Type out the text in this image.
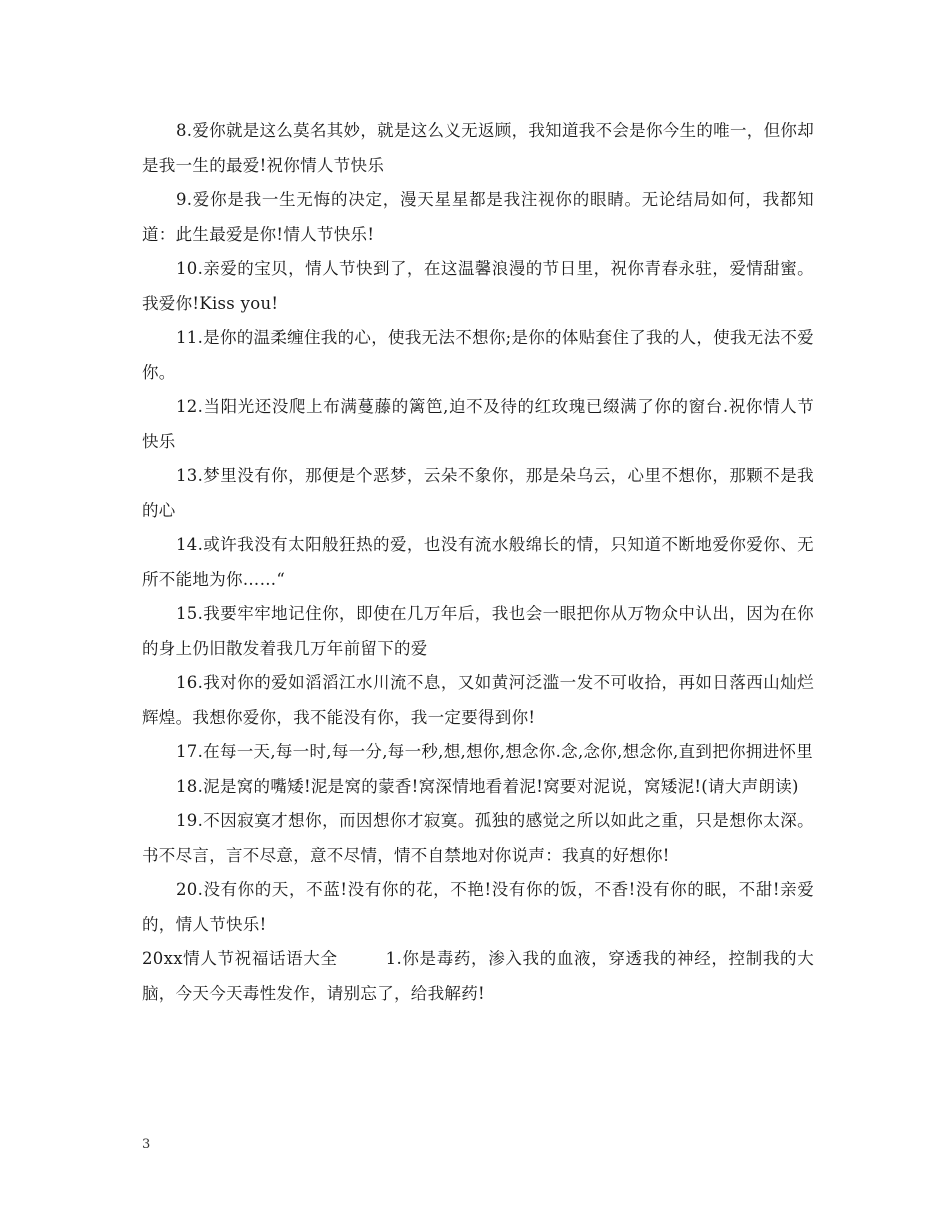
8.爱你就是这么莫名其妙，就是这么义无返顾，我知道我不会是你今生的唯一，但你却是我一生的最爱!祝你情人节快乐

9.爱你是我一生无悔的决定，漫天星星都是我注视你的眼睛。无论结局如何，我都知道：此生最爱是你!情人节快乐!

10.亲爱的宝贝，情人节快到了，在这温馨浪漫的节日里，祝你青春永驻，爱情甜蜜。我爱你!Kiss you!

11.是你的温柔缠住我的心，使我无法不想你;是你的体贴套住了我的人，使我无法不爱你。

12.当阳光还没爬上布满蔓藤的篱笆,迫不及待的红玫瑰已缀满了你的窗台.祝你情人节快乐

13.梦里没有你，那便是个恶梦，云朵不象你，那是朵乌云，心里不想你，那颗不是我的心

14.或许我没有太阳般狂热的爱，也没有流水般绵长的情，只知道不断地爱你爱你、无所不能地为你……“

15.我要牢牢地记住你，即使在几万年后，我也会一眼把你从万物众中认出，因为在你的身上仍旧散发着我几万年前留下的爱

16.我对你的爱如滔滔江水川流不息，又如黄河泛滥一发不可收拾，再如日落西山灿烂辉煌。我想你爱你，我不能没有你，我一定要得到你!

17.在每一天,每一时,每一分,每一秒,想,想你,想念你.念,念你,想念你,直到把你拥进怀里

18.泥是窝的嘴矮!泥是窝的蒙香!窝深情地看着泥!窝要对泥说，窝矮泥!(请大声朗读)

19.不因寂寞才想你，而因想你才寂寞。孤独的感觉之所以如此之重，只是想你太深。书不尽言，言不尽意，意不尽情，情不自禁地对你说声：我真的好想你!

20.没有你的天，不蓝!没有你的花，不艳!没有你的饭，不香!没有你的眠，不甜!亲爱的，情人节快乐!

20xx情人节祝福话语大全	1.你是毒药，渗入我的血液，穿透我的神经，控制我的大脑，今天今天毒性发作，请别忘了，给我解药!

3
